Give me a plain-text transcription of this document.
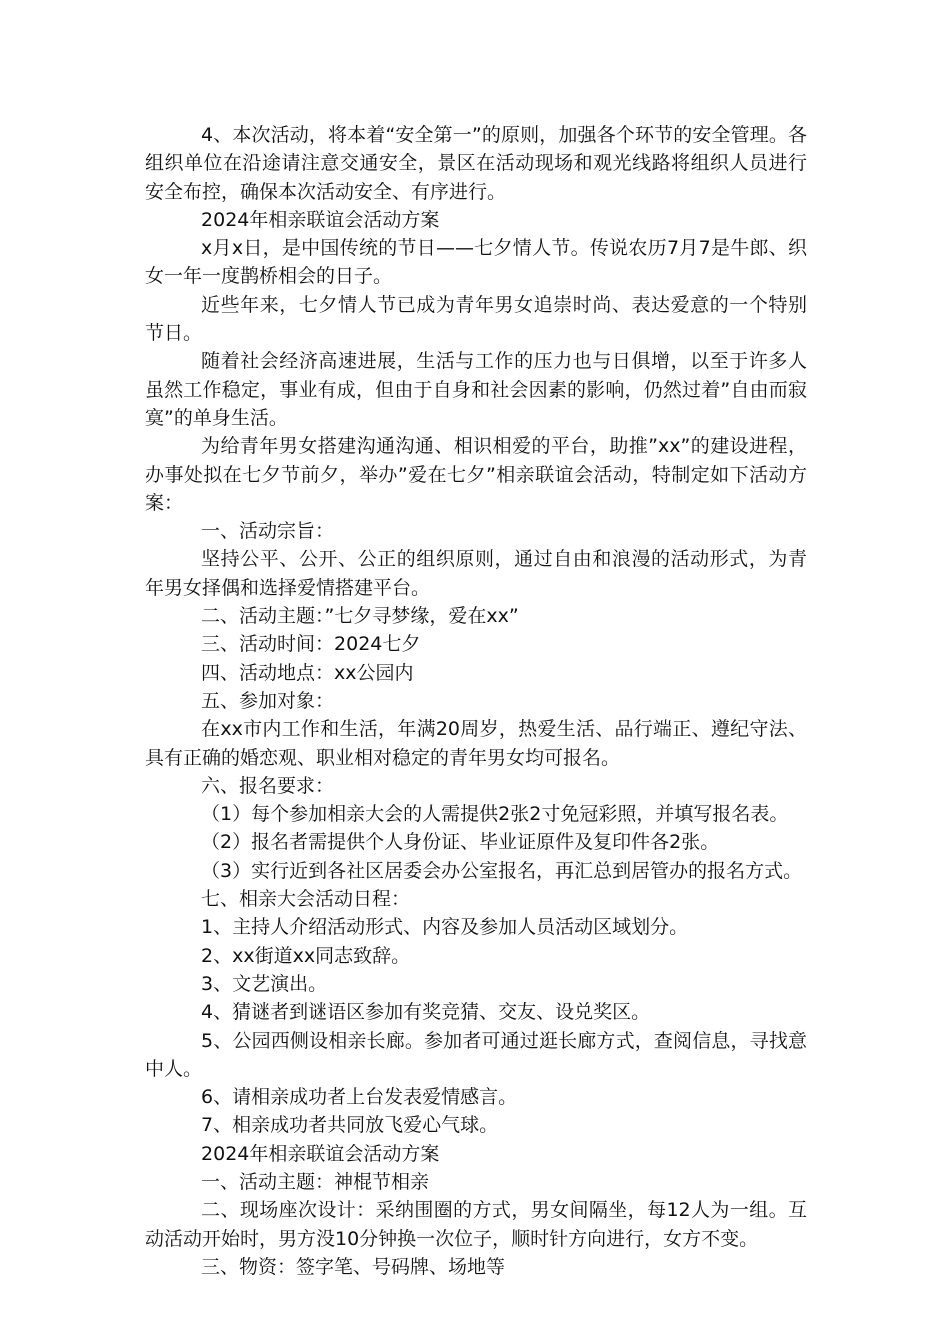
4、本次活动，将本着“安全第一”的原则，加强各个环节的安全管理。各组织单位在沿途请注意交通安全，景区在活动现场和观光线路将组织人员进行安全布控，确保本次活动安全、有序进行。

2024年相亲联谊会活动方案

x月x日，是中国传统的节日——七夕情人节。传说农历7月7是牛郎、织女一年一度鹊桥相会的日子。

近些年来，七夕情人节已成为青年男女追崇时尚、表达爱意的一个特别节日。

随着社会经济高速进展，生活与工作的压力也与日俱增，以至于许多人虽然工作稳定，事业有成，但由于自身和社会因素的影响，仍然过着”自由而寂寞”的单身生活。

为给青年男女搭建沟通沟通、相识相爱的平台，助推”xx”的建设进程，办事处拟在七夕节前夕，举办”爱在七夕”相亲联谊会活动，特制定如下活动方案：

一、活动宗旨：

坚持公平、公开、公正的组织原则，通过自由和浪漫的活动形式，为青年男女择偶和选择爱情搭建平台。

二、活动主题：”七夕寻梦缘，爱在xx”

三、活动时间：2024七夕

四、活动地点：xx公园内

五、参加对象：

在xx市内工作和生活，年满20周岁，热爱生活、品行端正、遵纪守法、具有正确的婚恋观、职业相对稳定的青年男女均可报名。

六、报名要求：

（1）每个参加相亲大会的人需提供2张2寸免冠彩照，并填写报名表。

（2）报名者需提供个人身份证、毕业证原件及复印件各2张。

（3）实行近到各社区居委会办公室报名，再汇总到居管办的报名方式。

七、相亲大会活动日程：

1、主持人介绍活动形式、内容及参加人员活动区域划分。

2、xx街道xx同志致辞。

3、文艺演出。

4、猜谜者到谜语区参加有奖竞猜、交友、设兑奖区。

5、公园西侧设相亲长廊。参加者可通过逛长廊方式，查阅信息，寻找意中人。

6、请相亲成功者上台发表爱情感言。

7、相亲成功者共同放飞爱心气球。

2024年相亲联谊会活动方案

一、活动主题：神棍节相亲

二、现场座次设计：采纳围圈的方式，男女间隔坐，每12人为一组。互动活动开始时，男方没10分钟换一次位子，顺时针方向进行，女方不变。

三、物资：签字笔、号码牌、场地等
